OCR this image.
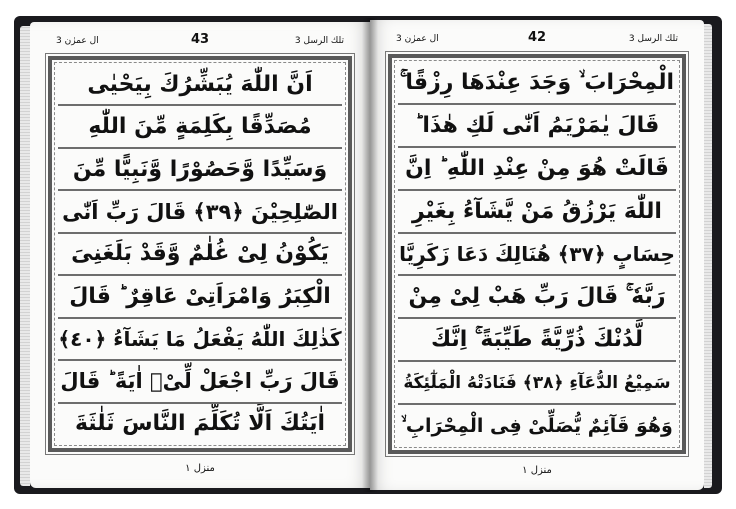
ال عمرٰن 3	43	تلك الرسل 3
اَنَّ اللّٰهَ يُبَشِّرُكَ بِيَحْيٰى
مُصَدِّقًا بِكَلِمَةٍ مِّنَ اللّٰهِ
وَسَيِّدًا وَّحَصُوْرًا وَّنَبِيًّا مِّنَ
الصّٰلِحِيْنَ ﴿٣٩﴾ قَالَ رَبِّ اَنّٰى
يَكُوْنُ لِىْ غُلٰمٌ وَّقَدْ بَلَغَنِىَ
الْكِبَرُ وَامْرَاَتِىْ عَاقِرٌ ؕ قَالَ
كَذٰلِكَ اللّٰهُ يَفْعَلُ مَا يَشَآءُ ﴿٤٠﴾
قَالَ رَبِّ اجْعَلْ لِّىْۤ اٰيَةً ؕ قَالَ
اٰيَتُكَ اَلَّا تُكَلِّمَ النَّاسَ ثَلٰثَةَ
منزل ۱
ال عمرٰن 3	42	تلك الرسل 3
الْمِحْرَابَ ۙ وَجَدَ عِنْدَهَا رِزْقًا ۚ
قَالَ يٰمَرْيَمُ اَنّٰى لَكِ هٰذَا ؕ
قَالَتْ هُوَ مِنْ عِنْدِ اللّٰهِ ؕ اِنَّ
اللّٰهَ يَرْزُقُ مَنْ يَّشَآءُ بِغَيْرِ
حِسَابٍ ﴿٣٧﴾ هُنَالِكَ دَعَا زَكَرِيَّا
رَبَّهٗ ۚ قَالَ رَبِّ هَبْ لِىْ مِنْ
لَّدُنْكَ ذُرِّيَّةً طَيِّبَةً ۚ اِنَّكَ
سَمِيْعُ الدُّعَآءِ ﴿٣٨﴾ فَنَادَتْهُ الْمَلٰٓئِكَةُ
وَهُوَ قَآئِمٌ يُّصَلِّىْ فِى الْمِحْرَابِ ۙ
منزل ۱
